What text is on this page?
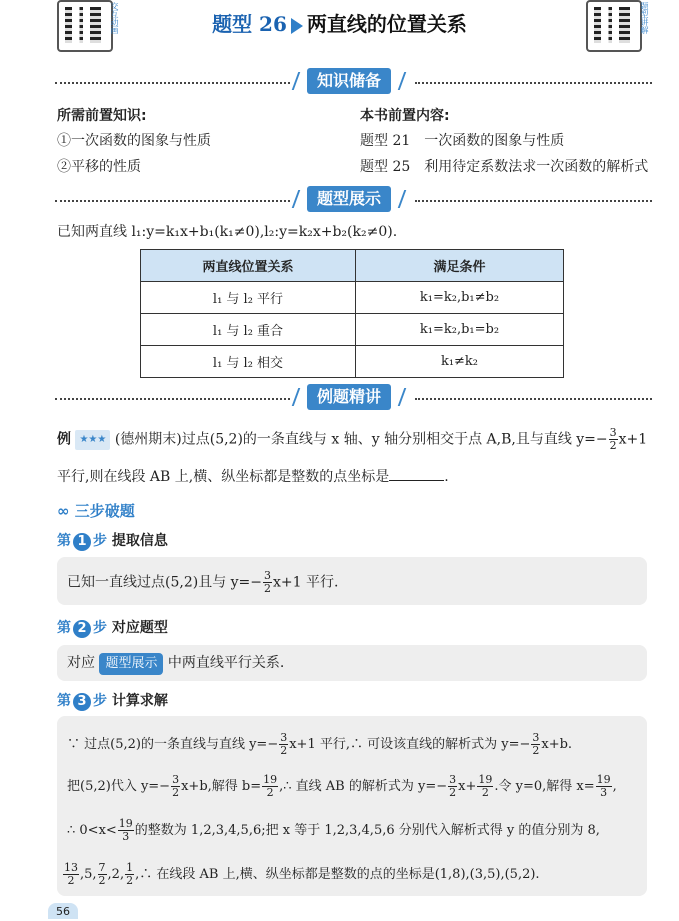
交互动画	题型 26 两直线的位置关系	题型讲解
知识储备
所需前置知识:
①一次函数的图象与性质
②平移的性质
本书前置内容:
题型 21　一次函数的图象与性质
题型 25　利用待定系数法求一次函数的解析式
题型展示
已知两直线 l₁:y=k₁x+b₁(k₁≠0),l₂:y=k₂x+b₂(k₂≠0).
两直线位置关系	满足条件
l₁ 与 l₂ 平行	k₁=k₂,b₁≠b₂
l₁ 与 l₂ 重合	k₁=k₂,b₁=b₂
l₁ 与 l₂ 相交	k₁≠k₂
例题精讲
例 ★★★ (德州期末)过点(5,2)的一条直线与 x 轴、y 轴分别相交于点 A,B,且与直线 $y=- \frac{3}{2} x+1$
平行,则在线段 AB 上,横、纵坐标都是整数的点坐标是	.
∞ 三步破题
第 1 步 提取信息
已知一直线过点(5,2)且与 $y=- \frac{3}{2} x+1$ 平行.
第 2 步 对应题型
对应 题型展示 中两直线平行关系.
第 3 步 计算求解
∵ 过点(5,2)的一条直线与直线 $y=- \frac{3}{2} x+1$ 平行,∴ 可设该直线的解析式为 $y=- \frac{3}{2} x+b$.
把(5,2)代入 $y=- \frac{3}{2} x+b$,解得 $b= \frac{19}{2}$ ,∴ 直线 AB 的解析式为 $y=- \frac{3}{2} x+ \frac{19}{2}$ .令 y=0,解得 $x= \frac{19}{3}$ ,
∴ $0<x< \frac{19}{3}$ 的整数为 1,2,3,4,5,6;把 x 等于 1,2,3,4,5,6 分别代入解析式得 y 的值分别为 8,
$\frac{13}{2} ,5$, $\frac{7}{2} ,2$, $\frac{1}{2}$ ,∴ 在线段 AB 上,横、纵坐标都是整数的点的坐标是(1,8),(3,5),(5,2).
56
